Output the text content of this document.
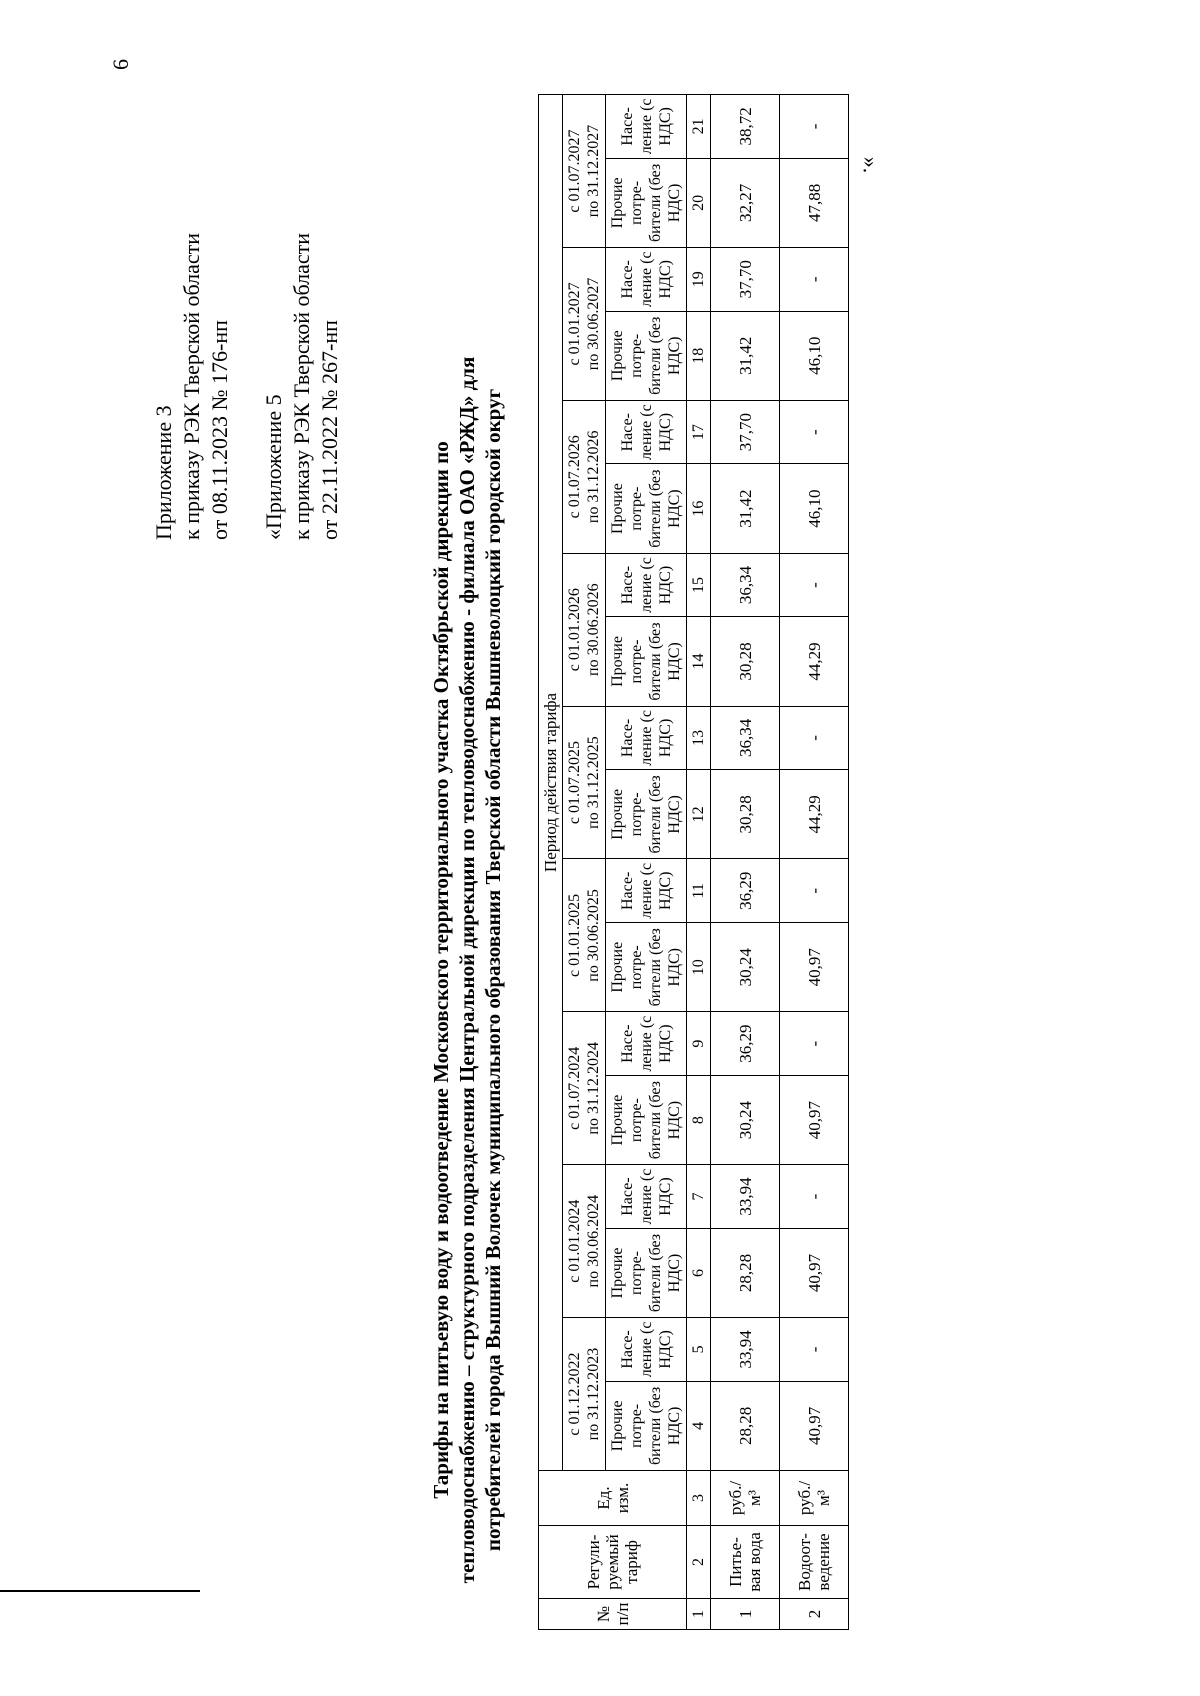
6
».
Приложение 3 к приказу РЭК Тверской области от 08.11.2023 № 176-нп «Приложение 5 к приказу РЭК Тверской области от 22.11.2022 № 267-нп
Тарифы на питьевую воду и водоотведение Московского территориального участка Октябрьской дирекции по тепловодоснабжению – структурного подразделения Центральной дирекции по тепловодоснабжению - филиала ОАО «РЖД» для потребителей города Вышний Волочек муниципального образования Тверской области Вышневолоцкий городской округ
№ п/п	Регули-руемый тариф	Ед. изм.	Период действия тарифа																	

			с 01.12.2022 по 31.12.2023		с 01.01.2024 по 30.06.2024		с 01.07.2024 по 31.12.2024		с 01.01.2025 по 30.06.2025		с 01.07.2025 по 31.12.2025		с 01.01.2026 по 30.06.2026		с 01.07.2026 по 31.12.2026		с 01.01.2027 по 30.06.2027		с 01.07.2027 по 31.12.2027	

			Прочие потре-бители (без НДС)	Насе-ление (с НДС)	Прочие потре-бители (без НДС)	Насе-ление (с НДС)	Прочие потре-бители (без НДС)	Насе-ление (с НДС)	Прочие потре-бители (без НДС)	Насе-ление (с НДС)	Прочие потре-бители (без НДС)	Насе-ление (с НДС)	Прочие потре-бители (без НДС)	Насе-ление (с НДС)	Прочие потре-бители (без НДС)	Насе-ление (с НДС)	Прочие потре-бители (без НДС)	Насе-ление (с НДС)	Прочие потре-бители (без НДС)	Насе-ление (с НДС)
1	2	3	4	5	6	7	8	9	10	11	12	13	14	15	16	17	18	19	20	21
1	Питье-вая вода	руб./м³	28,28	33,94	28,28	33,94	30,24	36,29	30,24	36,29	30,28	36,34	30,28	36,34	31,42	37,70	31,42	37,70	32,27	38,72
2	Водоот-ведение	руб./м³	40,97	-	40,97	-	40,97	-	40,97	-	44,29	-	44,29	-	46,10	-	46,10	-	47,88	-
